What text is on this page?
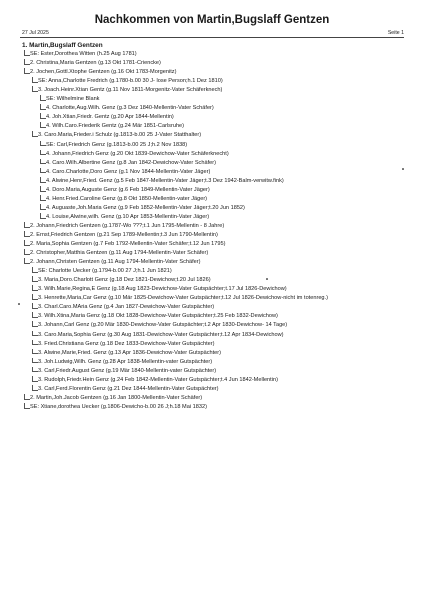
Nachkommen von Martin,Bugslaff Gentzen
27 Jul 2025	Seite 1
1. Martin,Bugslaff Gentzen
SE: Ester,Dorothea Witten (h.25 Aug 1781)
2. Christina,Maria Gentzen (g.13 Okt 1781-Criencke)
2. Jochen,Gottl.Xtophe Gentzen (g.16 Okt 1783-Morgenitz)
SE: Anna,Charlotte Fredrich (g.1780-b.00 30 J- lose Person;h.1 Dez 1810)
3. Joach.Heinr.Xtian Gentz (g.11 Nov 1811-Morgenitz-Vater Schäferknech)
SE: Wilhelmine Blank
4. Charlotte,Aug.Wilh. Genz (g.3 Dez 1840-Mellentin-Vater Schäfer)
4. Joh.Xtian,Friedr. Gentz (g.20 Apr 1844-Mellentin)
4. Wilh.Caro.Friederik Gentz (g.24 Mär 1851-Carlsruhe)
3. Caro.Maria,Frieder.i Schulz (g.1813-b.00 25 J-Vater Statthalter)
SE: Carl,Friedrich Genz (g.1813-b.00 25 J;h.2 Nov 1838)
4. Johann,Friedrich Genz (g.20 Okt 1839-Dewichow-Vater Schäferknecht)
4. Caro.Wilh.Albertine Genz (g.8 Jan 1842-Dewichow-Vater Schäfer)
4. Caro.Charlotte,Doro Genz (g.1 Nov 1844-Mellentin-Vater Jäger)
4. Alwine,Henr,Fried. Genz (g.5 Feb 1847-Mellentin-Vater Jäger;t.3 Dez 1942-Balm-verwitw.fink)
4. Doro.Maria,Auguste Genz (g.6 Feb 1849-Mellentin-Vater Jäger)
4. Henr.Fried.Caroline Genz (g.8 Okt 1850-Mellentin-vater Jäger)
4. Auguaste,Joh.Maria Genz (g.9 Feb 1852-Mellentin-Vater Jäger;t.20 Jun 1852)
4. Louise,Alwine,wilh. Genz (g.10 Apr 1853-Mellentin-Vater Jäger)
2. Johann,Friedrich Gentzen (g.1787-Wo ???;t.1 Jun 1795-Mellentin - 8 Jahre)
2. Ernst,Friedrich Gentzen (g.21 Sep 1789-Mellentin;t.3 Jun 1790-Mellentin)
2. Maria,Sophia Gentzen (g.7 Feb 1792-Mellentin-Vater Schäfer;t.12 Jun 1795)
2. Christopher,Matthia Gentzen (g.11 Aug 1794-Mellentin-Vater Schäfer)
2. Johann,Christen Gentzen (g.11 Aug 1794-Mellentin-Vater Schäfer)
SE: Charlotte Uecker (g.1794-b.00 27 J;h.1 Jun 1821)
3. Maria,Doro.Charlott Genz (g.18 Dez 1821-Dewichow;t.20 Jul 1826)
3. Wilh.Marie,Regina,E Genz (g.18 Aug 1823-Dewichow-Vater Gutspächter;t.17 Jul 1826-Dewichow)
3. Henrette,Maria,Car Genz (g.10 Mär 1825-Dewichow-Vater Gutspächter;t.12 Jul 1826-Dewichow-nicht im totenreg.)
3. Charl.Caro.MAria Genz (g.4 Jan 1827-Dewichow-Vater Gutspächter)
3. Wilh.Xtina,Maria Genz (g.18 Okt 1828-Dewichow-Vater Gutspächter;t.25 Feb 1832-Dewichow)
3. Johann,Carl Genz (g.20 Mär 1830-Dewichow-Vater Gutspächter;t.2 Apr 1830-Dewichow- 14 Tage)
3. Caro.Maria,Sophia Genz (g.30 Aug 1831-Dewichow-Vater Gutspächter;t.12 Apr 1834-Dewichow)
3. Fried.Christiana Genz (g.18 Dez 1833-Dewichow-Vater Gutspächter)
3. Alwine,Marie,Fried. Genz (g.13 Apr 1836-Dewichow-Vater Gutspächter)
3. Joh.Ludwig,Wilh. Genz (g.28 Apr 1838-Mellentin-vater Gutspächter)
3. Carl,Friedr.August Genz (g.19 Mär 1840-Mellentin-vater Gutspächter)
3. Rudolph,Friedr.Hein Genz (g.24 Feb 1842-Mellentin-Vater Gutspächter;t.4 Jun 1842-Mellentin)
3. Carl,Ferd.Florentin Genz (g.21 Dez 1844-Mellentin-Vater Gutspächter)
2. Martin,Joh.Jacob Gentzen (g.16 Jan 1800-Mellentin-Vater Schäfer)
SE: Xtiane,dorothea Uecker (g.1806-Dewicho-b.00 26 J;h.18 Mai 1832)
